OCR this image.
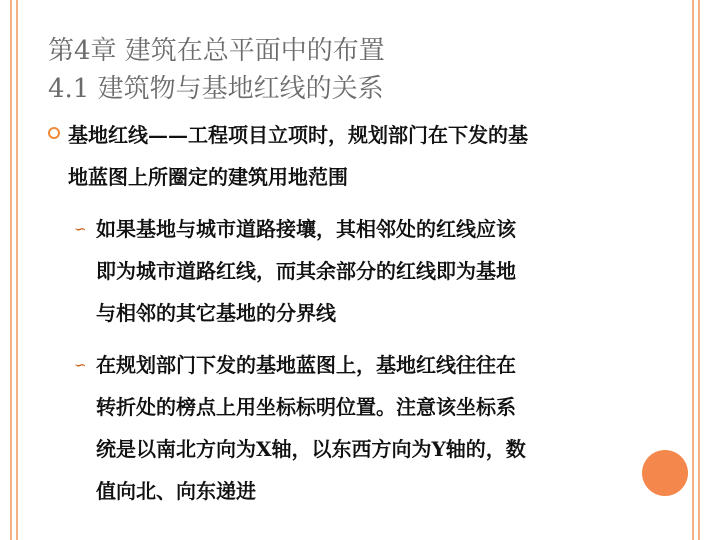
第4章 建筑在总平面中的布置
4.1 建筑物与基地红线的关系
基地红线——工程项目立项时，规划部门在下发的基
地蓝图上所圈定的建筑用地范围
∽ 如果基地与城市道路接壤，其相邻处的红线应该
即为城市道路红线，而其余部分的红线即为基地
与相邻的其它基地的分界线
∽ 在规划部门下发的基地蓝图上，基地红线往往在
转折处的榜点上用坐标标明位置。注意该坐标系
统是以南北方向为X轴，以东西方向为Y轴的，数
值向北、向东递进
